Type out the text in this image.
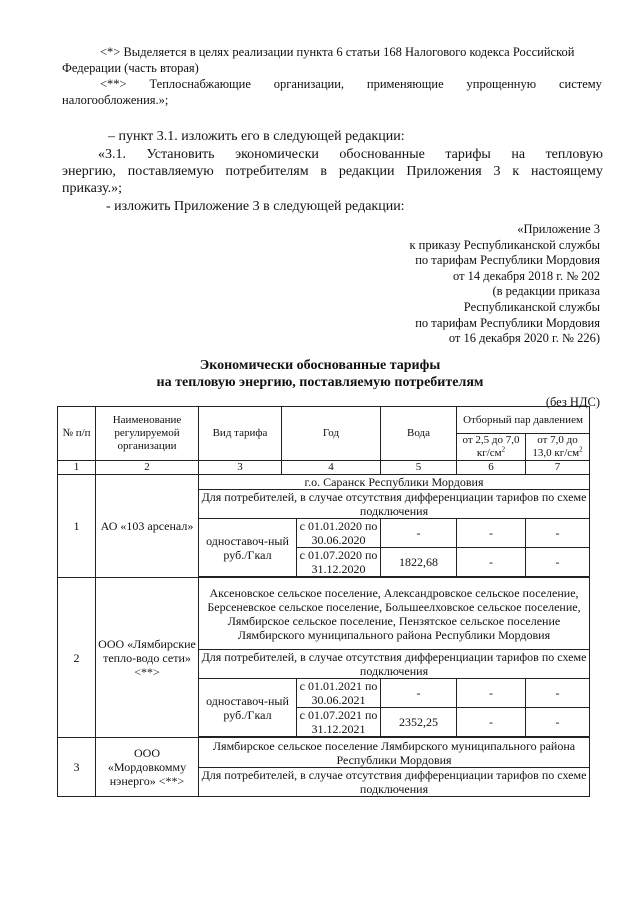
<*> Выделяется в целях реализации пункта 6 статьи 168 Налогового кодекса Российской
Федерации (часть вторая)
<**> Теплоснабжающие организации, применяющие упрощенную систему
налогообложения.»;
– пункт 3.1. изложить его в следующей редакции:
«3.1. Установить экономически обоснованные тарифы на тепловую
энергию, поставляемую потребителям в редакции Приложения 3 к настоящему
приказу.»;
- изложить Приложение 3 в следующей редакции:
«Приложение 3
к приказу Республиканской службы
по тарифам Республики Мордовия
от 14 декабря 2018 г. № 202
(в редакции приказа
Республиканской службы
по тарифам Республики Мордовия
от 16 декабря 2020 г. № 226)
Экономически обоснованные тарифы
на тепловую энергию, поставляемую потребителям
(без НДС)
№ п/п	Наименование регулируемой организации	Вид тарифа	Год		Вода	Отборный пар давлением	
						от 2,5 до 7,0 $кг/см^2$	от 7,0 до 13,0 $кг/см^2$
1	2	3	4		5	6	7
1	АО «103 арсенал»	г.о. Саранск Республики Мордовия					
		Для потребителей, в случае отсутствия дифференциации тарифов по схеме подключения					
		одноставоч-ный руб./Гкал		с 01.01.2020 по 30.06.2020	-	-	-
				с 01.07.2020 по 31.12.2020	1822,68	-	-

2	ООО «Лямбирские тепло-водо сети» <**>	Аксеновское сельское поселение, Александровское сельское поселение, Берсеневское сельское поселение, Большеелховское сельское поселение, Лямбирское сельское поселение, Пензятское сельское поселение Лямбирского муниципального района Республики Мордовия					
		Для потребителей, в случае отсутствия дифференциации тарифов по схеме подключения					
		одноставоч-ный руб./Гкал		с 01.01.2021 по 30.06.2021	-	-	-
				с 01.07.2021 по 31.12.2021	2352,25	-	-

3	ООО «Мордовкомму нэнерго» <**>	Лямбирское сельское поселение Лямбирского муниципального района Республики Мордовия					
		Для потребителей, в случае отсутствия дифференциации тарифов по схеме подключения					
